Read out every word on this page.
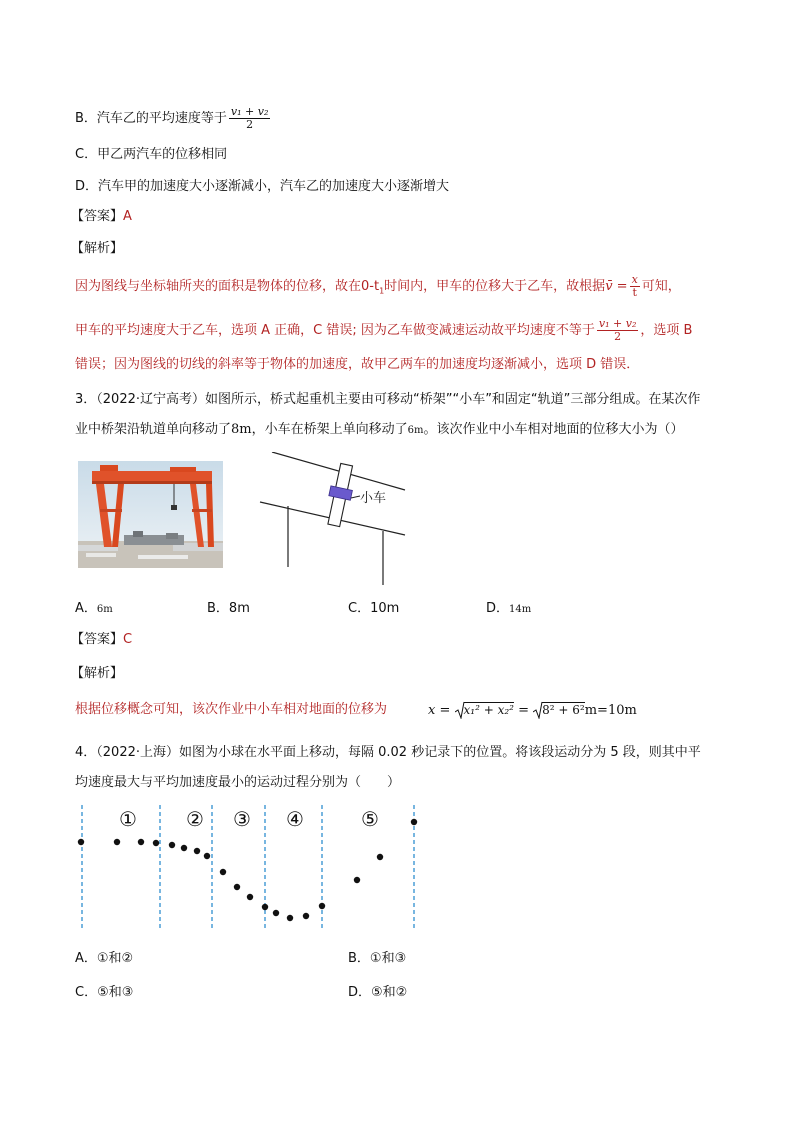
B．汽车乙的平均速度等于 $\frac{\text{v₁ + v₂}}{2}$
C．甲乙两汽车的位移相同
D．汽车甲的加速度大小逐渐减小，汽车乙的加速度大小逐渐增大
【答案】A
【解析】
因为图线与坐标轴所夹的面积是物体的位移，故在$0-t_1$时间内，甲车的位移大于乙车，故根据v̄ = $\frac{x}{t}$ 可知，
甲车的平均速度大于乙车，选项 A 正确，C 错误; 因为乙车做变减速运动故平均速度不等于 $\frac{\text{v₁ + v₂}}{2}$ ，选项 B
错误；因为图线的切线的斜率等于物体的加速度，故甲乙两车的加速度均逐渐减小，选项 D 错误．
3．（2022·辽宁高考）如图所示，桥式起重机主要由可移动“桥架”“小车”和固定“轨道”三部分组成。在某次作
业中桥架沿轨道单向移动了8m，小车在桥架上单向移动了6m。该次作业中小车相对地面的位移大小为（）
小车
A．6m	B．8m	C．10m	D．14m
【答案】C
【解析】
根据位移概念可知，该次作业中小车相对地面的位移为	x = x₁² + x₂² = 8² + 6²m=10m
4．（2022·上海）如图为小球在水平面上移动，每隔 0.02 秒记录下的位置。将该段运动分为 5 段，则其中平
均速度最大与平均加速度最小的运动过程分别为（　　）
① ② ③ ④	⑤
A．①和②	B．①和③
C．⑤和③	D．⑤和②
